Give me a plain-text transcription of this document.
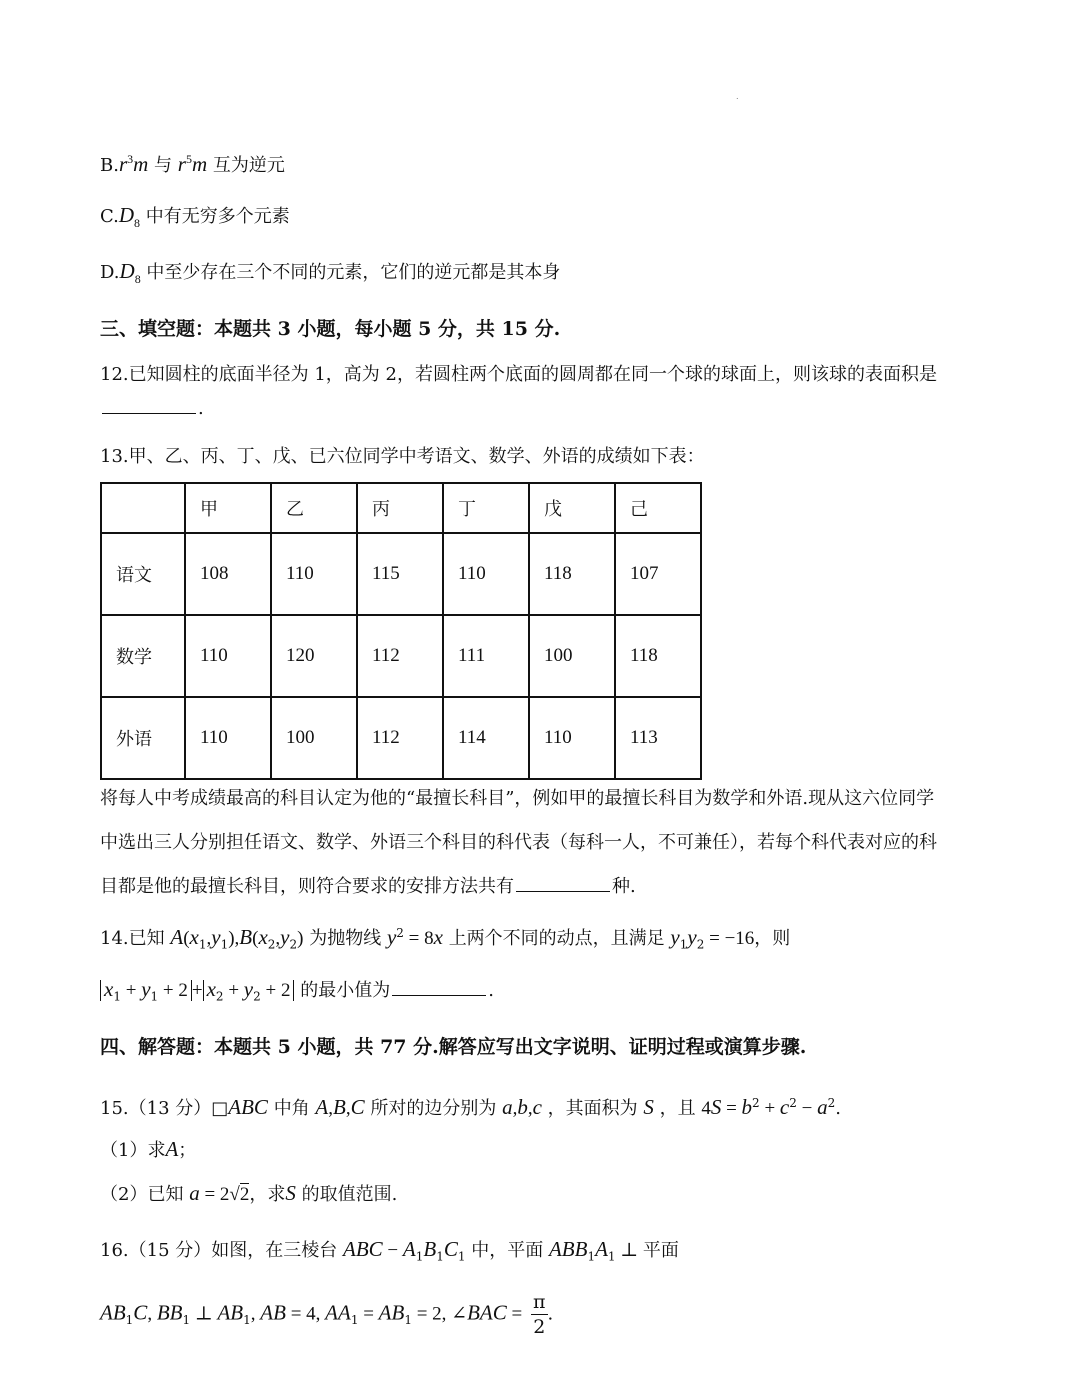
.
$B.r^3m$ 与 $r^5m$ 互为逆元
$C.D_8$ 中有无穷多个元素
$D.D_8$ 中至少存在三个不同的元素，它们的逆元都是其本身
三、填空题：本题共 3 小题，每小题 5 分，共 15 分.
12.已知圆柱的底面半径为 1，高为 2，若圆柱两个底面的圆周都在同一个球的球面上，则该球的表面积是
.
13.甲、乙、丙、丁、戊、已六位同学中考语文、数学、外语的成绩如下表：
	甲	乙	丙	丁	戊	己
语文	108	110	115	110	118	107
数学	110	120	112	111	100	118
外语	110	100	112	114	110	113
将每人中考成绩最高的科目认定为他的“最擅长科目”，例如甲的最擅长科目为数学和外语.现从这六位同学
中选出三人分别担任语文、数学、外语三个科目的科代表（每科一人，不可兼任），若每个科代表对应的科
目都是他的最擅长科目，则符合要求的安排方法共有	种.
14.已知 $A(x_1,y_1),B(x_2,y_2)$ 为抛物线 $y^2 = 8x$ 上两个不同的动点，且满足 $y_1y_2 = -16$，则
$x_1 + y_1 + 2 + x_2 + y_2 + 2$ 的最小值为	.
四、解答题：本题共 5 小题，共 77 分.解答应写出文字说明、证明过程或演算步骤.
15.（13 分）□ABC 中角 A,B,C 所对的边分别为 a,b,c ，其面积为 S ，且 $4S = b^2 + c^2 - a^2$.
（1）求A；
（2）已知 a = 2√2，求S 的取值范围.
16.（15 分）如图，在三棱台 ABC − $A_1B_1C_1$ 中，平面 $ABB_1A_1$ ⊥ 平面
$AB_1C$, $BB_1$ ⊥ $AB_1$, AB = 4, $AA_1 = AB_1 = 2$, ∠BAC = $\frac{\pi}{2}$ .
